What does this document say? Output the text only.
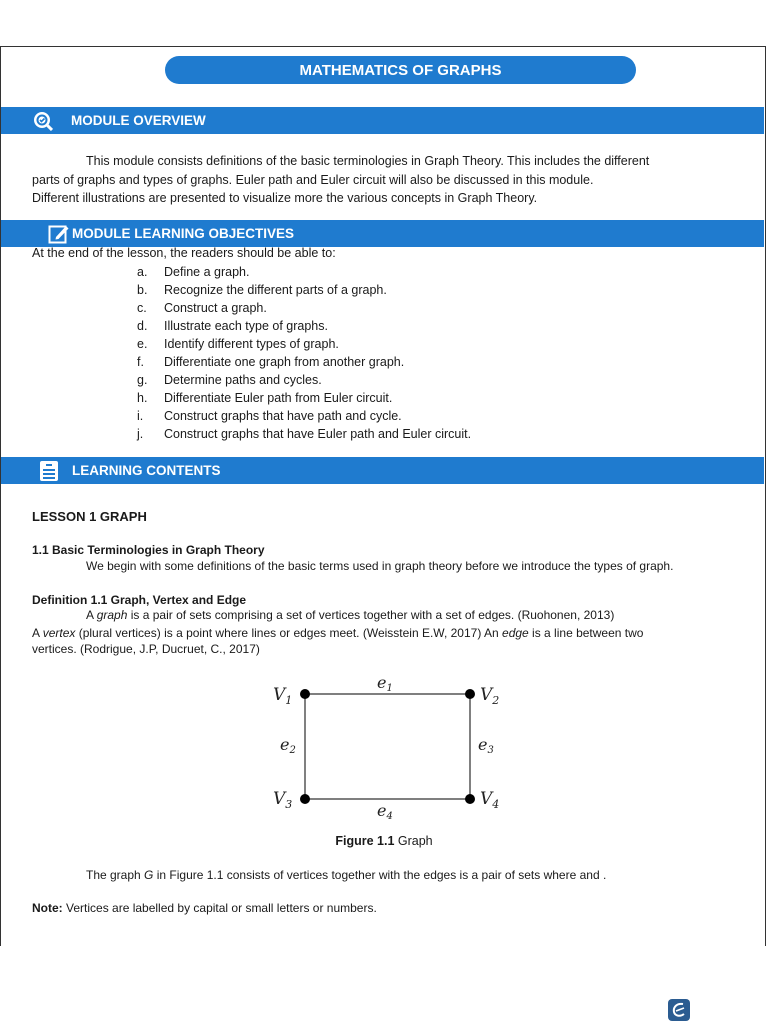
MATHEMATICS OF GRAPHS
MODULE OVERVIEW
This module consists definitions of the basic terminologies in Graph Theory. This includes the different
parts of graphs and types of graphs. Euler path and Euler circuit will also be discussed in this module.
Different illustrations are presented to visualize more the various concepts in Graph Theory.
MODULE LEARNING OBJECTIVES
At the end of the lesson, the readers should be able to:
a. Define a graph.
b. Recognize the different parts of a graph.
c. Construct a graph.
d. Illustrate each type of graphs.
e. Identify different types of graph.
f. Differentiate one graph from another graph.
g. Determine paths and cycles.
h. Differentiate Euler path from Euler circuit.
i. Construct graphs that have path and cycle.
j. Construct graphs that have Euler path and Euler circuit.
LEARNING CONTENTS
LESSON 1 GRAPH
1.1 Basic Terminologies in Graph Theory
We begin with some definitions of the basic terms used in graph theory before we introduce the types of graph.
Definition 1.1 Graph, Vertex and Edge
A graph is a pair of sets comprising a set of vertices together with a set of edges. (Ruohonen, 2013)
A vertex (plural vertices) is a point where lines or edges meet. (Weisstein E.W, 2017) An edge is a line between two
vertices. (Rodrigue, J.P, Ducruet, C., 2017)
$V_1$	$V_2$
$V_3$	$V_4$
e1
e2	e3
e4
Figure 1.1 Graph
The graph G in Figure 1.1 consists of vertices together with the edges is a pair of sets where and .
Note: Vertices are labelled by capital or small letters or numbers.
